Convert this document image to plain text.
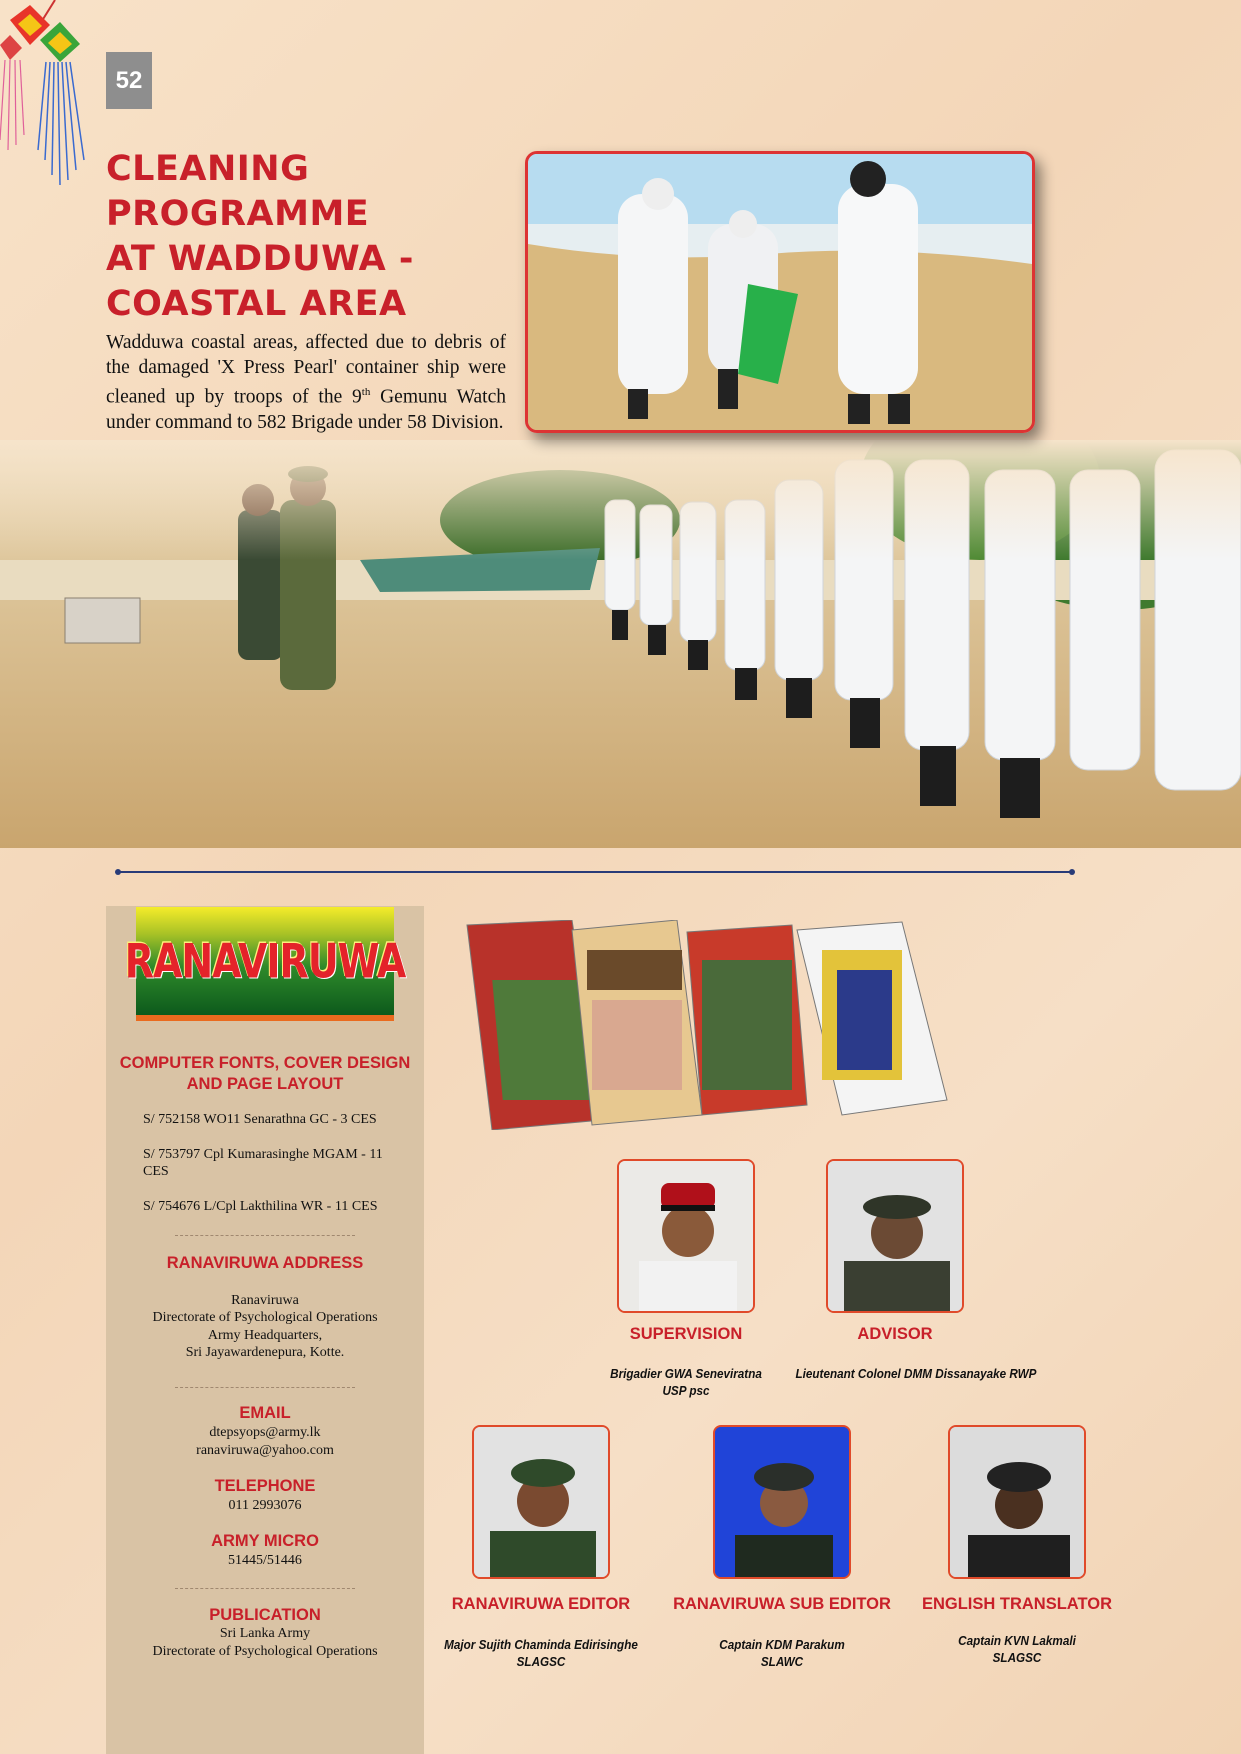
52
CLEANING
PROGRAMME
AT WADDUWA -
COASTAL AREA

Wadduwa coastal areas, affected due to debris of the damaged 'X Press Pearl' container ship were cleaned up by troops of the 9th Gemunu Watch under command to 582 Brigade under 58 Division.

RANAVIRUWA
COMPUTER FONTS, COVER DESIGN AND PAGE LAYOUT
S/ 752158 WO11 Senarathna GC - 3 CES
S/ 753797 Cpl Kumarasinghe MGAM - 11 CES
S/ 754676 L/Cpl Lakthilina WR - 11 CES
RANAVIRUWA ADDRESS
Ranaviruwa
Directorate of Psychological Operations
Army Headquarters,
Sri Jayawardenepura, Kotte.
EMAIL
dtepsyops@army.lk
ranaviruwa@yahoo.com
TELEPHONE
011 2993076
ARMY MICRO
51445/51446
PUBLICATION
Sri Lanka Army
Directorate of Psychological Operations
SUPERVISION	ADVISOR
Brigadier GWA Seneviratna
USP psc
Lieutenant Colonel DMM Dissanayake RWP
RANAVIRUWA EDITOR	RANAVIRUWA SUB EDITOR	ENGLISH TRANSLATOR
Major Sujith Chaminda Edirisinghe
SLAGSC
Captain KDM Parakum
SLAWC
Captain KVN Lakmali
SLAGSC
